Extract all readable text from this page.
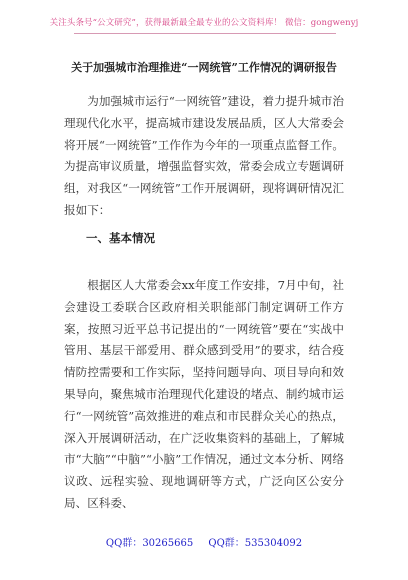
关注头条号“公文研究”，获得最新最全最专业的公文资料库！ 微信：gongwenyj
关于加强城市治理推进“一网统管”工作情况的调研报告

为加强城市运行“一网统管”建设，着力提升城市治理现代化水平，提高城市建设发展品质，区人大常委会将开展“一网统管”工作作为今年的一项重点监督工作。为提高审议质量，增强监督实效，常委会成立专题调研组，对我区“一网统管”工作开展调研，现将调研情况汇报如下：

一、基本情况

根据区人大常委会xx年度工作安排，7月中旬，社会建设工委联合区政府相关职能部门制定调研工作方案，按照习近平总书记提出的“一网统管”要在“实战中管用、基层干部爱用、群众感到受用”的要求，结合疫情防控需要和工作实际，坚持问题导向、项目导向和效果导向，聚焦城市治理现代化建设的堵点、制约城市运行“一网统管”高效推进的难点和市民群众关心的热点，深入开展调研活动，在广泛收集资料的基础上，了解城市“大脑”“中脑”“小脑”工作情况，通过文本分析、网络议政、远程实验、现地调研等方式，广泛向区公安分局、区科委、

QQ群：30265665 QQ群：535304092
